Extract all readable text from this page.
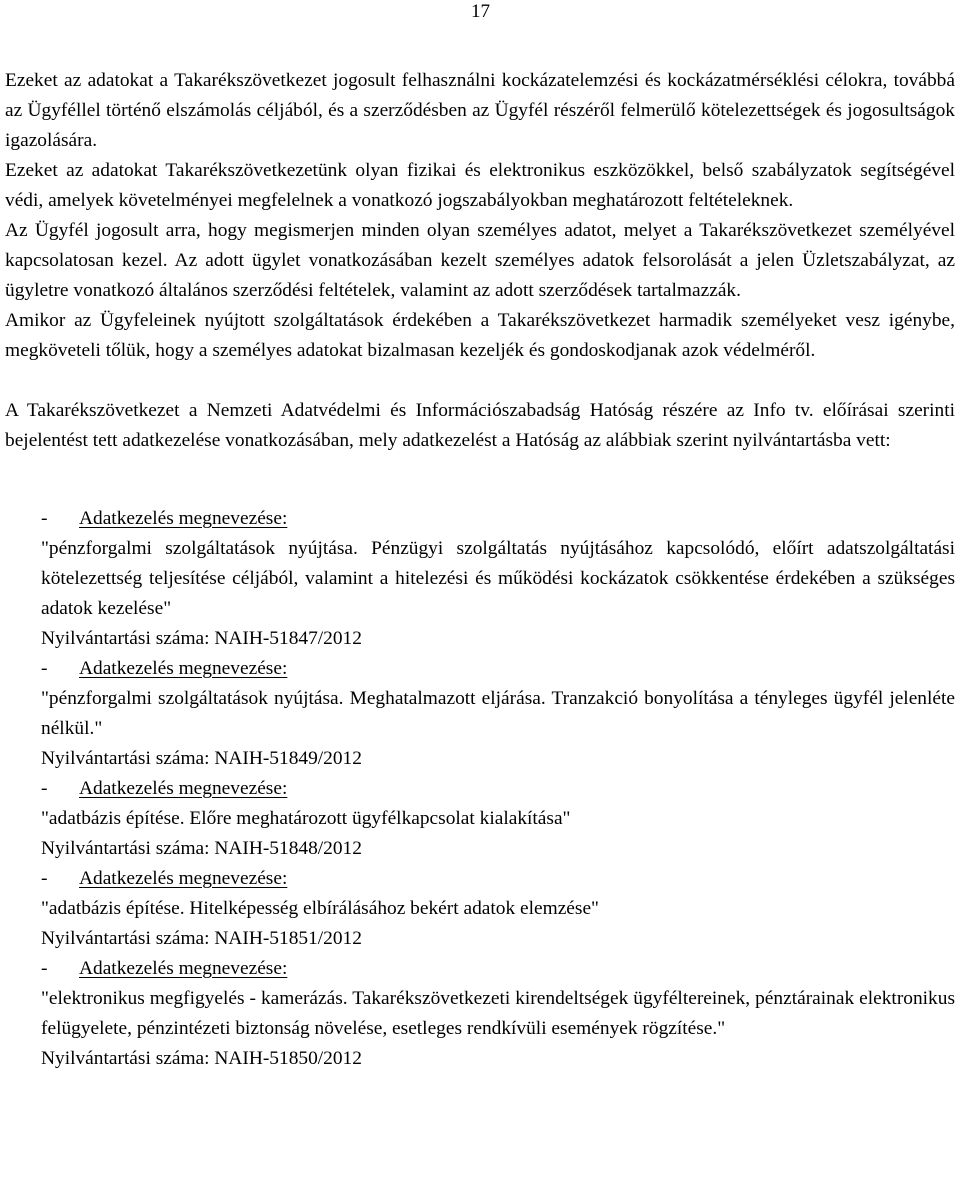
17

Ezeket az adatokat a Takarékszövetkezet jogosult felhasználni kockázatelemzési és kockázatmérséklési célokra, továbbá az Ügyféllel történő elszámolás céljából, és a szerződésben az Ügyfél részéről felmerülő kötelezettségek és jogosultságok igazolására.

Ezeket az adatokat Takarékszövetkezetünk olyan fizikai és elektronikus eszközökkel, belső szabályzatok segítségével védi, amelyek követelményei megfelelnek a vonatkozó jogszabályokban meghatározott feltételeknek.

Az Ügyfél jogosult arra, hogy megismerjen minden olyan személyes adatot, melyet a Takarékszövetkezet személyével kapcsolatosan kezel. Az adott ügylet vonatkozásában kezelt személyes adatok felsorolását a jelen Üzletszabályzat, az ügyletre vonatkozó általános szerződési feltételek, valamint az adott szerződések tartalmazzák.

Amikor az Ügyfeleinek nyújtott szolgáltatások érdekében a Takarékszövetkezet harmadik személyeket vesz igénybe, megköveteli tőlük, hogy a személyes adatokat bizalmasan kezeljék és gondoskodjanak azok védelméről.

A Takarékszövetkezet a Nemzeti Adatvédelmi és Információszabadság Hatóság részére az Info tv. előírásai szerinti bejelentést tett adatkezelése vonatkozásában, mely adatkezelést a Hatóság az alábbiak szerint nyilvántartásba vett:

- Adatkezelés megnevezése:

"pénzforgalmi szolgáltatások nyújtása. Pénzügyi szolgáltatás nyújtásához kapcsolódó, előírt adatszolgáltatási kötelezettség teljesítése céljából, valamint a hitelezési és működési kockázatok csökkentése érdekében a szükséges adatok kezelése"

Nyilvántartási száma: NAIH-51847/2012

- Adatkezelés megnevezése:

"pénzforgalmi szolgáltatások nyújtása. Meghatalmazott eljárása. Tranzakció bonyolítása a tényleges ügyfél jelenléte nélkül."

Nyilvántartási száma: NAIH-51849/2012

- Adatkezelés megnevezése:

"adatbázis építése. Előre meghatározott ügyfélkapcsolat kialakítása"

Nyilvántartási száma: NAIH-51848/2012

- Adatkezelés megnevezése:

"adatbázis építése. Hitelképesség elbírálásához bekért adatok elemzése"

Nyilvántartási száma: NAIH-51851/2012

- Adatkezelés megnevezése:

"elektronikus megfigyelés - kamerázás. Takarékszövetkezeti kirendeltségek ügyféltereinek, pénztárainak elektronikus felügyelete, pénzintézeti biztonság növelése, esetleges rendkívüli események rögzítése."

Nyilvántartási száma: NAIH-51850/2012
